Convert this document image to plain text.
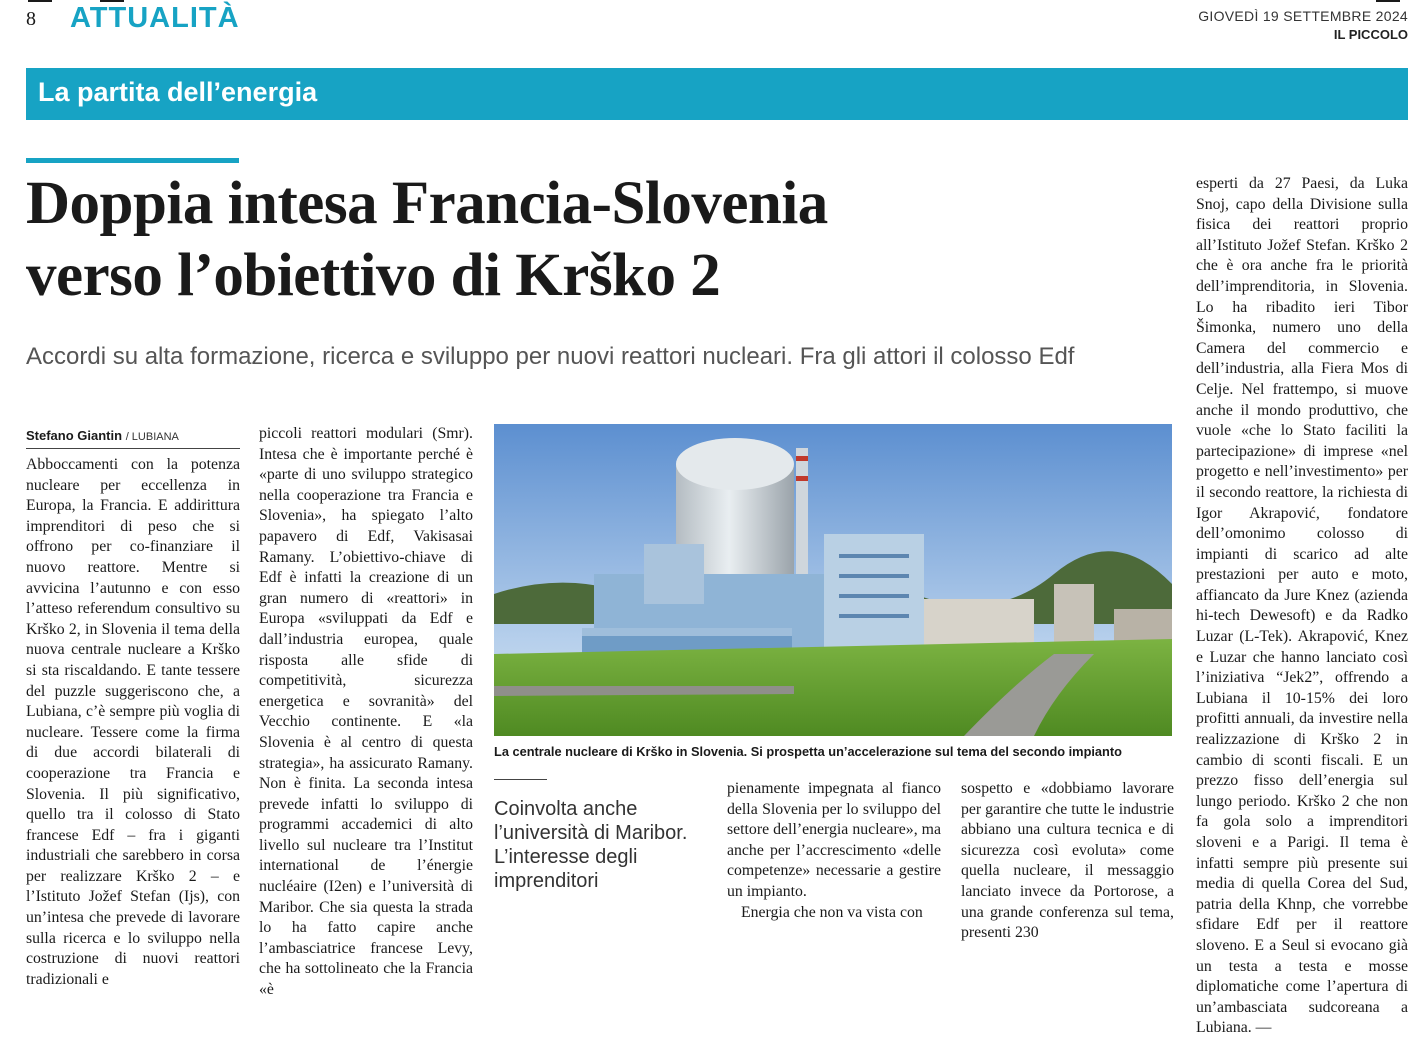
8 ATTUALITÀ	GIOVEDÌ 19 SETTEMBRE 2024
IL PICCOLO
La partita dell’energia
Doppia intesa Francia-Slovenia
verso l’obiettivo di Krško 2
Accordi su alta formazione, ricerca e sviluppo per nuovi reattori nucleari. Fra gli attori il colosso Edf
Stefano Giantin / LUBIANA
Abboccamenti con la potenza nucleare per eccellenza in Europa, la Francia. E addirittura imprenditori di peso che si offrono per co-finanziare il nuovo reattore. Mentre si avvicina l’autunno e con esso l’atteso referendum consultivo su Krško 2, in Slovenia il tema della nuova centrale nucleare a Krško si sta riscaldando. E tante tessere del puzzle suggeriscono che, a Lubiana, c’è sempre più voglia di nucleare. Tessere come la firma di due accordi bilaterali di cooperazione tra Francia e Slovenia. Il più significativo, quello tra il colosso di Stato francese Edf – fra i giganti industriali che sarebbero in corsa per realizzare Krško 2 – e l’Istituto Jožef Stefan (Ijs), con un’intesa che prevede di lavorare sulla ricerca e lo sviluppo nella costruzione di nuovi reattori tradizionali e
piccoli reattori modulari (Smr). Intesa che è importante perché è «parte di uno sviluppo strategico nella cooperazione tra Francia e Slovenia», ha spiegato l’alto papavero di Edf, Vakisasai Ramany. L’obiettivo-chiave di Edf è infatti la creazione di un gran numero di «reattori» in Europa «sviluppati da Edf e dall’industria europea, quale risposta alle sfide di competitività, sicurezza energetica e sovranità» del Vecchio continente. E «la Slovenia è al centro di questa strategia», ha assicurato Ramany. Non è finita. La seconda intesa prevede infatti lo sviluppo di programmi accademici di alto livello sul nucleare tra l’Institut international de l’énergie nucléaire (I2en) e l’università di Maribor. Che sia questa la strada lo ha fatto capire anche l’ambasciatrice francese Levy, che ha sottolineato che la Francia «è
La centrale nucleare di Krško in Slovenia. Si prospetta un’accelerazione sul tema del secondo impianto
Coinvolta anche
l’università di Maribor.
L’interesse degli
imprenditori
pienamente impegnata al fianco della Slovenia per lo sviluppo del settore dell’energia nucleare», ma anche per l’accrescimento «delle competenze» necessarie a gestire un impianto.
Energia che non va vista con
sospetto e «dobbiamo lavorare per garantire che tutte le industrie abbiano una cultura tecnica e di sicurezza così evoluta» come quella nucleare, il messaggio lanciato invece da Portorose, a una grande conferenza sul tema, presenti 230
esperti da 27 Paesi, da Luka Snoj, capo della Divisione sulla fisica dei reattori proprio all’Istituto Jožef Stefan. Krško 2 che è ora anche fra le priorità dell’imprenditoria, in Slovenia. Lo ha ribadito ieri Tibor Šimonka, numero uno della Camera del commercio e dell’industria, alla Fiera Mos di Celje. Nel frattempo, si muove anche il mondo produttivo, che vuole «che lo Stato faciliti la partecipazione» di imprese «nel progetto e nell’investimento» per il secondo reattore, la richiesta di Igor Akrapović, fondatore dell’omonimo colosso di impianti di scarico ad alte prestazioni per auto e moto, affiancato da Jure Knez (azienda hi-tech Dewesoft) e da Radko Luzar (L-Tek). Akrapović, Knez e Luzar che hanno lanciato così l’iniziativa “Jek2”, offrendo a Lubiana il 10-15% dei loro profitti annuali, da investire nella realizzazione di Krško 2 in cambio di sconti fiscali. E un prezzo fisso dell’energia sul lungo periodo. Krško 2 che non fa gola solo a imprenditori sloveni e a Parigi. Il tema è infatti sempre più presente sui media di quella Corea del Sud, patria della Khnp, che vorrebbe sfidare Edf per il reattore sloveno. E a Seul si evocano già un testa a testa e mosse diplomatiche come l’apertura di un’ambasciata sudcoreana a Lubiana. —
